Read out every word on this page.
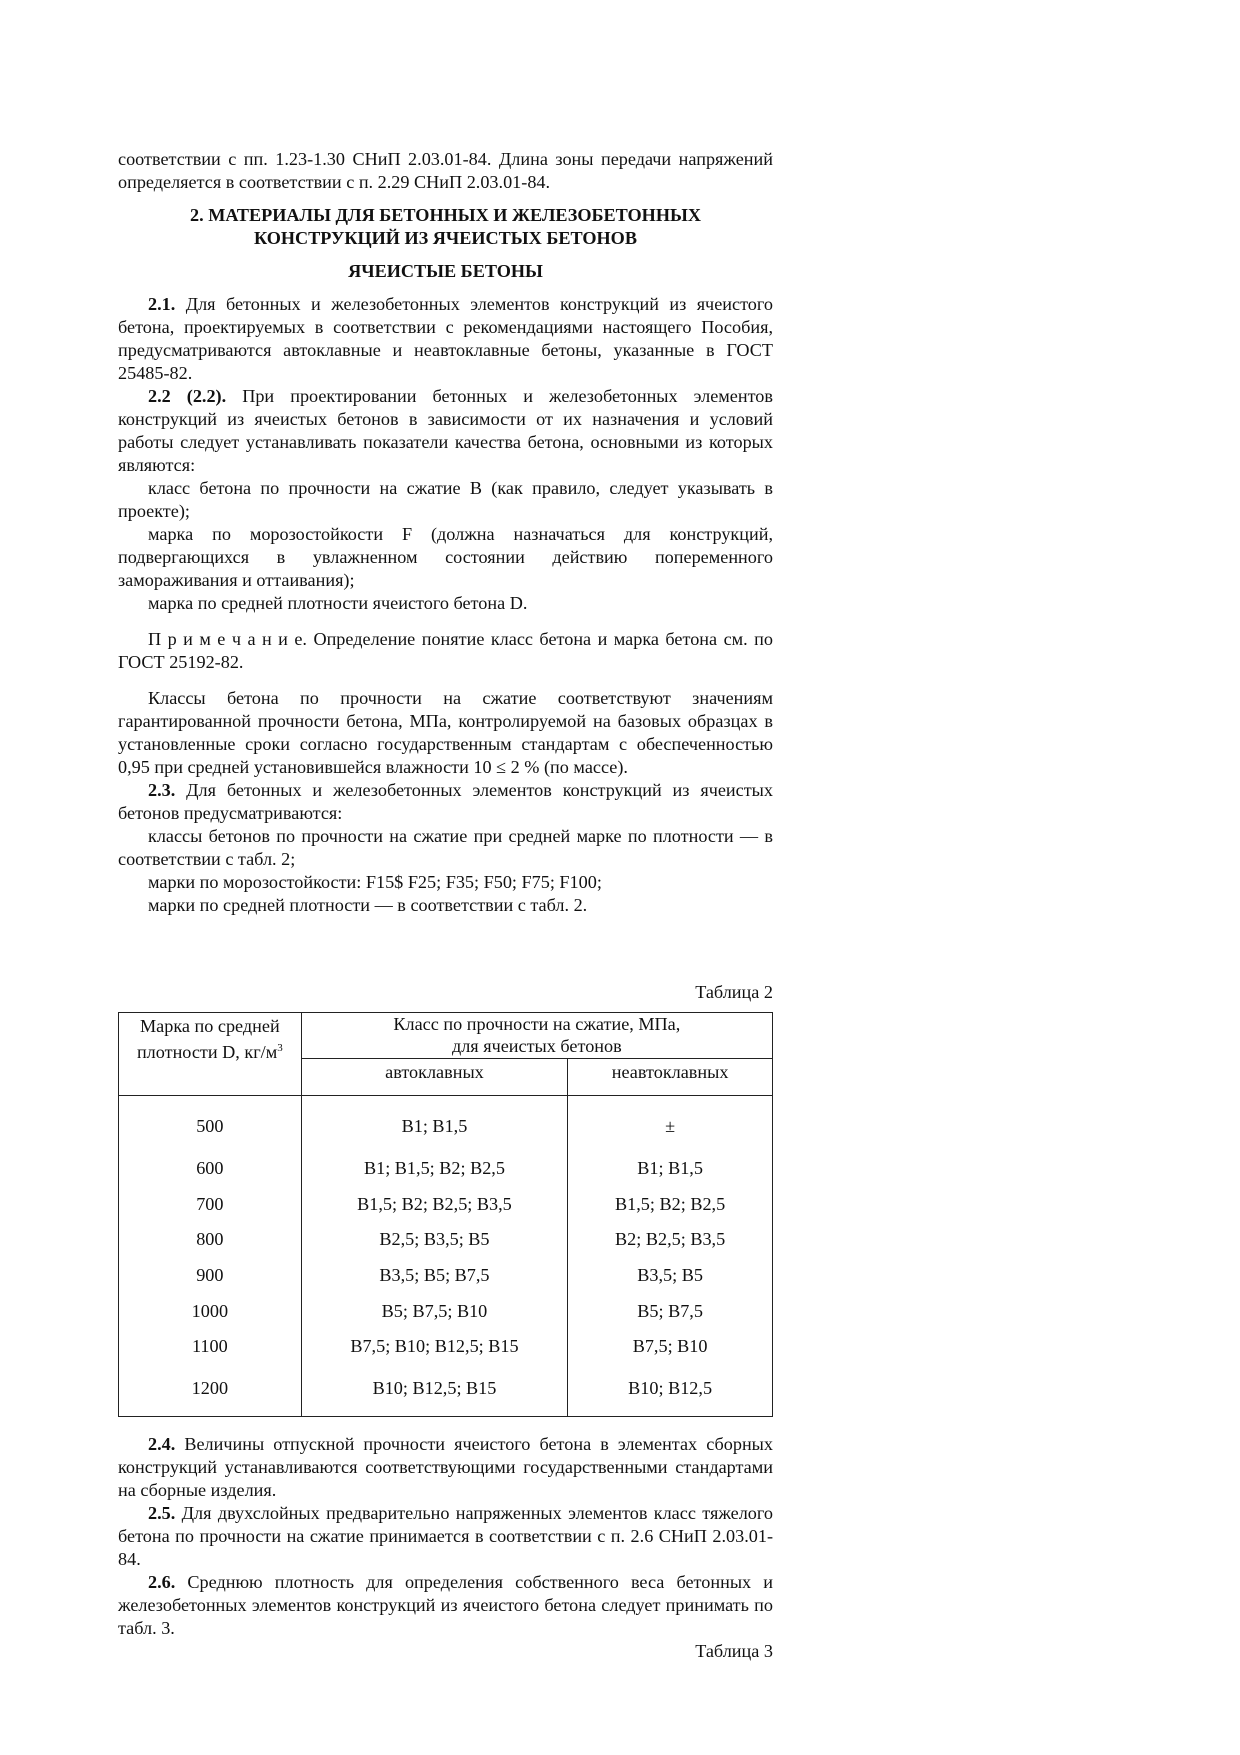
соответствии с пп. 1.23-1.30 СНиП 2.03.01-84. Длина зоны передачи напряжений определяется в соответствии с п. 2.29 СНиП 2.03.01-84.

2. МАТЕРИАЛЫ ДЛЯ БЕТОННЫХ И ЖЕЛЕЗОБЕТОННЫХ
КОНСТРУКЦИЙ ИЗ ЯЧЕИСТЫХ БЕТОНОВ
ЯЧЕИСТЫЕ БЕТОНЫ

2.1. Для бетонных и железобетонных элементов конструкций из ячеистого бетона, проектируемых в соответствии с рекомендациями настоящего Пособия, предусматриваются автоклавные и неавтоклавные бетоны, указанные в ГОСТ 25485-82.

2.2 (2.2). При проектировании бетонных и железобетонных элементов конструкций из ячеистых бетонов в зависимости от их назначения и условий работы следует устанавливать показатели качества бетона, основными из которых являются:

класс бетона по прочности на сжатие В (как правило, следует указывать в проекте);

марка по морозостойкости F (должна назначаться для конструкций, подвергающихся в увлажненном состоянии действию попеременного замораживания и оттаивания);

марка по средней плотности ячеистого бетона D.

П р и м е ч а н и е. Определение понятие класс бетона и марка бетона см. по ГОСТ 25192-82.

Классы бетона по прочности на сжатие соответствуют значениям гарантированной прочности бетона, МПа, контролируемой на базовых образцах в установленные сроки согласно государственным стандартам с обеспеченностью 0,95 при средней установившейся влажности 10 ≤ 2 % (по массе).

2.3. Для бетонных и железобетонных элементов конструкций из ячеистых бетонов предусматриваются:

классы бетонов по прочности на сжатие при средней марке по плотности — в соответствии с табл. 2;

марки по морозостойкости: F15$ F25; F35; F50; F75; F100;

марки по средней плотности — в соответствии с табл. 2.

Таблица 2

Марка по средней плотности D, $кг/м^3$	Класс по прочности на сжатие, МПа,
для ячеистых бетонов	
	автоклавных	неавтоклавных
500	B1; B1,5	±
600	B1; B1,5; B2; B2,5	B1; B1,5
700	B1,5; B2; B2,5; B3,5	B1,5; B2; B2,5
800	B2,5; B3,5; B5	B2; B2,5; B3,5
900	B3,5; B5; B7,5	B3,5; B5
1000	B5; B7,5; B10	B5; B7,5
1100	B7,5; B10; B12,5; B15	B7,5; B10
1200	B10; B12,5; B15	B10; B12,5

2.4. Величины отпускной прочности ячеистого бетона в элементах сборных конструкций устанавливаются соответствующими государственными стандартами на сборные изделия.

2.5. Для двухслойных предварительно напряженных элементов класс тяжелого бетона по прочности на сжатие принимается в соответствии с п. 2.6 СНиП 2.03.01-84.

2.6. Среднюю плотность для определения собственного веса бетонных и железобетонных элементов конструкций из ячеистого бетона следует принимать по табл. 3.

Таблица 3
